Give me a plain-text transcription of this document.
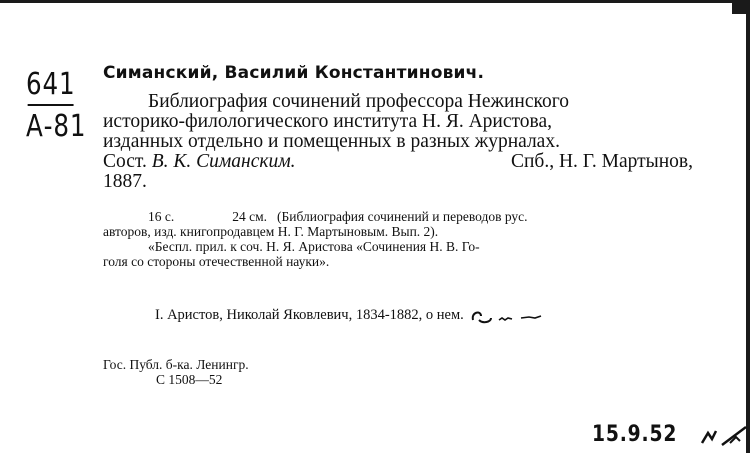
641
А-81
Симанский, Василий Константинович.
Библиография сочинений профессора Нежинского
историко-филологического института Н. Я. Аристова,
изданных отдельно и помещенных в разных журналах.
Сост. В. К. Симанским.	Спб., Н. Г. Мартынов,
1887.
16 с.	24 см. (Библиография сочинений и переводов рус.
авторов, изд. книгопродавцем Н. Г. Мартыновым. Вып. 2).
«Беспл. прил. к соч. Н. Я. Аристова «Сочинения Н. В. Го-
голя со стороны отечественной науки».
I. Аристов, Николай Яковлевич, 1834-1882, о нем.
Гос. Публ. б-ка. Ленингр.
С 1508—52
15.9.52
